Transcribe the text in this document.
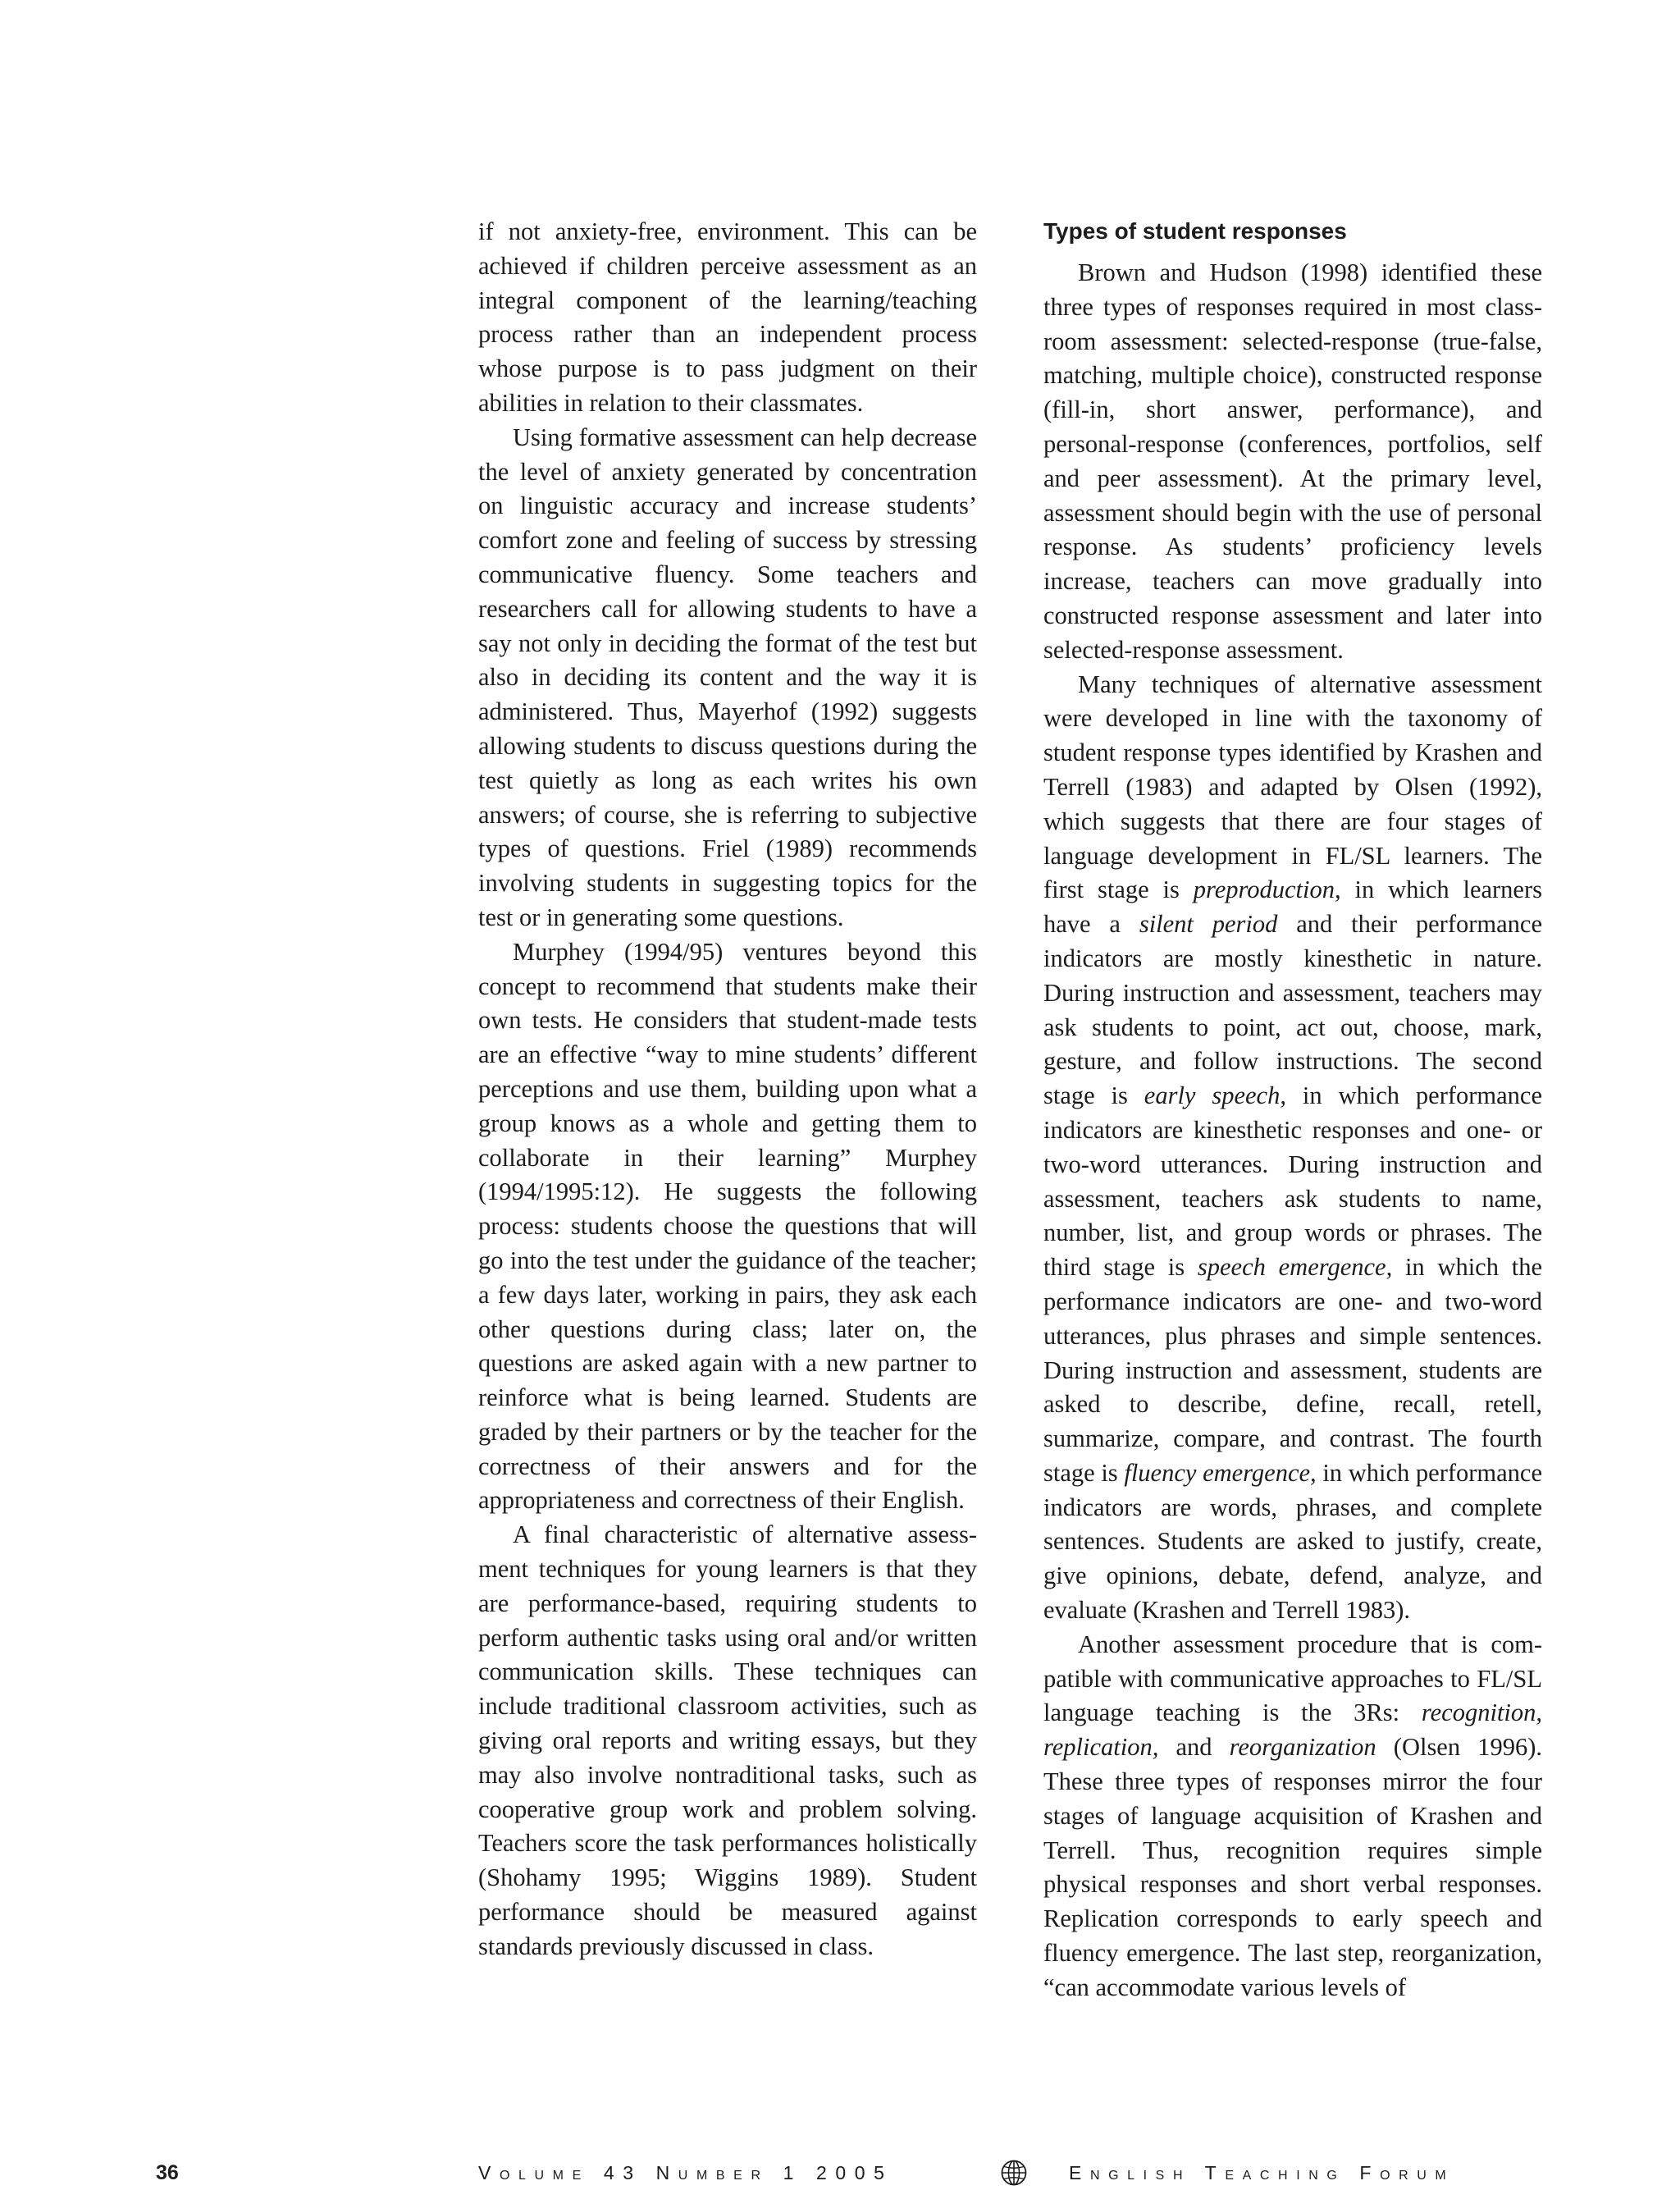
if not anxiety-free, environment. This can be achieved if children perceive assessment as an integral component of the learning/teaching process rather than an independent process whose purpose is to pass judgment on their abilities in relation to their classmates.

Using formative assessment can help decrease the level of anxiety generated by concentration on linguistic accuracy and increase students’ comfort zone and feeling of success by stressing communicative fluency. Some teachers and researchers call for allowing students to have a say not only in deciding the format of the test but also in deciding its content and the way it is administered. Thus, Mayerhof (1992) suggests allowing students to discuss questions during the test quietly as long as each writes his own answers; of course, she is referring to subjective types of questions. Friel (1989) recommends involving students in suggesting topics for the test or in generating some questions.

Murphey (1994/95) ventures beyond this concept to recommend that students make their own tests. He considers that student-made tests are an effective “way to mine students’ different perceptions and use them, building upon what a group knows as a whole and getting them to collaborate in their learning” Murphey (1994/1995:12). He suggests the following process: students choose the questions that will go into the test under the guidance of the teacher; a few days later, working in pairs, they ask each other questions during class; later on, the questions are asked again with a new partner to reinforce what is being learned. Students are graded by their partners or by the teacher for the correctness of their answers and for the appropriateness and correctness of their English.

A final characteristic of alternative assessment techniques for young learners is that they are performance-based, requiring students to perform authentic tasks using oral and/or written communication skills. These techniques can include traditional classroom activities, such as giving oral reports and writing essays, but they may also involve nontraditional tasks, such as cooperative group work and problem solving. Teachers score the task performances holistically (Shohamy 1995; Wiggins 1989). Student performance should be measured against standards previously discussed in class.

Types of student responses

Brown and Hudson (1998) identified these three types of responses required in most classroom assessment: selected-response (true-false, matching, multiple choice), constructed response (fill-in, short answer, performance), and personal-response (conferences, portfolios, self and peer assessment). At the primary level, assessment should begin with the use of personal response. As students’ proficiency levels increase, teachers can move gradually into constructed response assessment and later into selected-response assessment.

Many techniques of alternative assessment were developed in line with the taxonomy of student response types identified by Krashen and Terrell (1983) and adapted by Olsen (1992), which suggests that there are four stages of language development in FL/SL learners. The first stage is preproduction, in which learners have a silent period and their performance indicators are mostly kinesthetic in nature. During instruction and assessment, teachers may ask students to point, act out, choose, mark, gesture, and follow instructions. The second stage is early speech, in which performance indicators are kinesthetic responses and one- or two-word utterances. During instruction and assessment, teachers ask students to name, number, list, and group words or phrases. The third stage is speech emergence, in which the performance indicators are one- and two-word utterances, plus phrases and simple sentences. During instruction and assessment, students are asked to describe, define, recall, retell, summarize, compare, and contrast. The fourth stage is fluency emergence, in which performance indicators are words, phrases, and complete sentences. Students are asked to justify, create, give opinions, debate, defend, analyze, and evaluate (Krashen and Terrell 1983).

Another assessment procedure that is compatible with communicative approaches to FL/SL language teaching is the 3Rs: recognition, replication, and reorganization (Olsen 1996). These three types of responses mirror the four stages of language acquisition of Krashen and Terrell. Thus, recognition requires simple physical responses and short verbal responses. Replication corresponds to early speech and fluency emergence. The last step, reorganization, “can accommodate various levels of

36	Volume 43 Number 1 2005	English Teaching Forum
